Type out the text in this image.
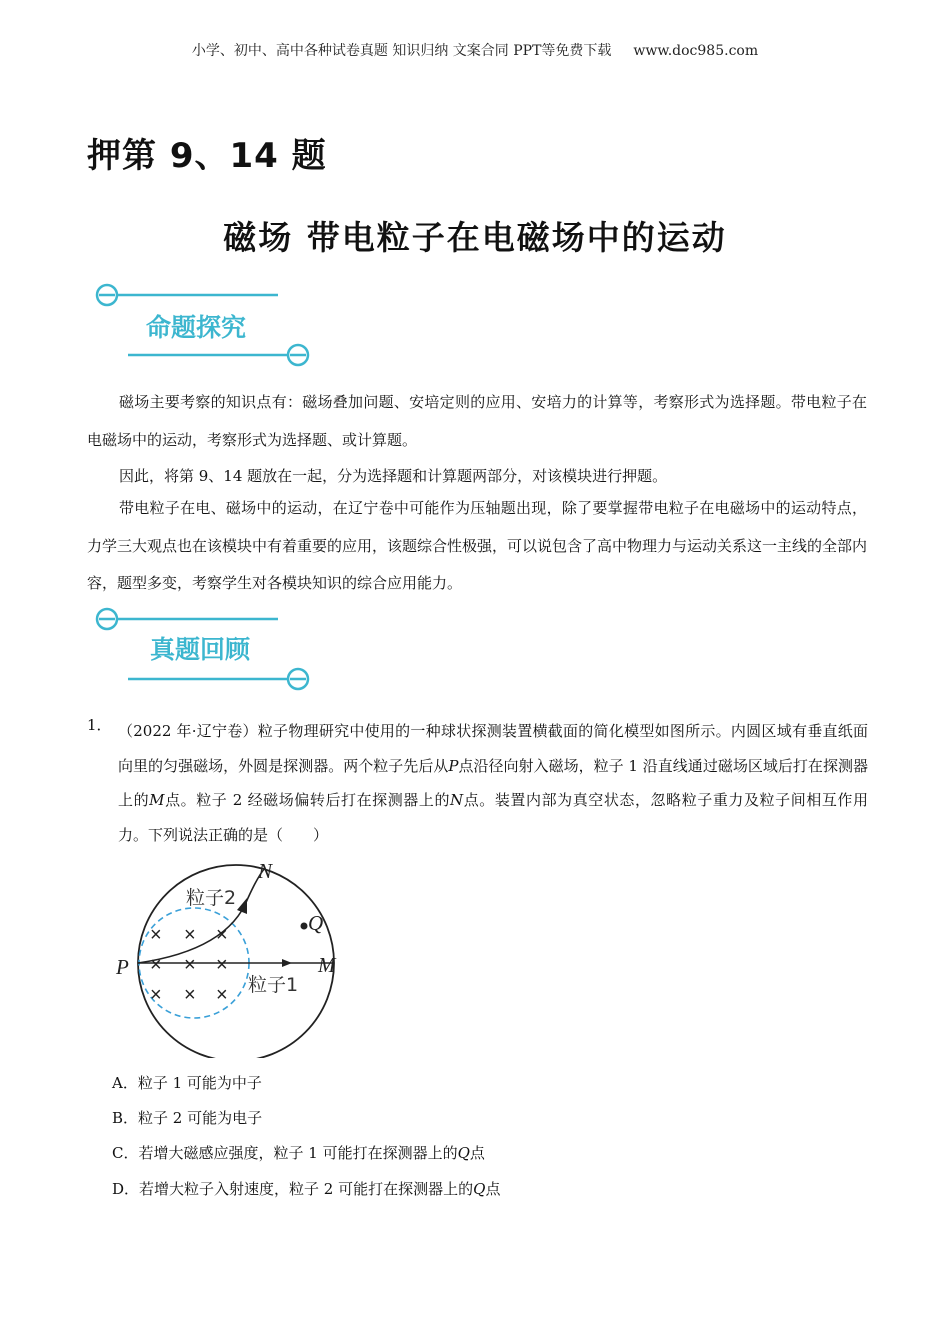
小学、初中、高中各种试卷真题 知识归纳 文案合同 PPT等免费下载 www.doc985.com
押第 9、14 题
磁场 带电粒子在电磁场中的运动
命题探究
磁场主要考察的知识点有：磁场叠加问题、安培定则的应用、安培力的计算等，考察形式为选择题。带电粒子在电磁场中的运动，考察形式为选择题、或计算题。
因此，将第 9、14 题放在一起，分为选择题和计算题两部分，对该模块进行押题。
带电粒子在电、磁场中的运动，在辽宁卷中可能作为压轴题出现，除了要掌握带电粒子在电磁场中的运动特点，力学三大观点也在该模块中有着重要的应用，该题综合性极强，可以说包含了高中物理力与运动关系这一主线的全部内容，题型多变，考察学生对各模块知识的综合应用能力。
真题回顾
1． （2022 年·辽宁卷）粒子物理研究中使用的一种球状探测装置横截面的简化模型如图所示。内圆区域有垂直纸面向里的匀强磁场，外圆是探测器。两个粒子先后从P点沿径向射入磁场，粒子 1 沿直线通过磁场区域后打在探测器上的M点。粒子 2 经磁场偏转后打在探测器上的N点。装置内部为真空状态，忽略粒子重力及粒子间相互作用力。下列说法正确的是（　　）
× × ×
× × ×
× × ×
N
Q
P	M
粒子2
粒子1
A．粒子 1 可能为中子
B．粒子 2 可能为电子
C．若增大磁感应强度，粒子 1 可能打在探测器上的Q点
D．若增大粒子入射速度，粒子 2 可能打在探测器上的Q点
